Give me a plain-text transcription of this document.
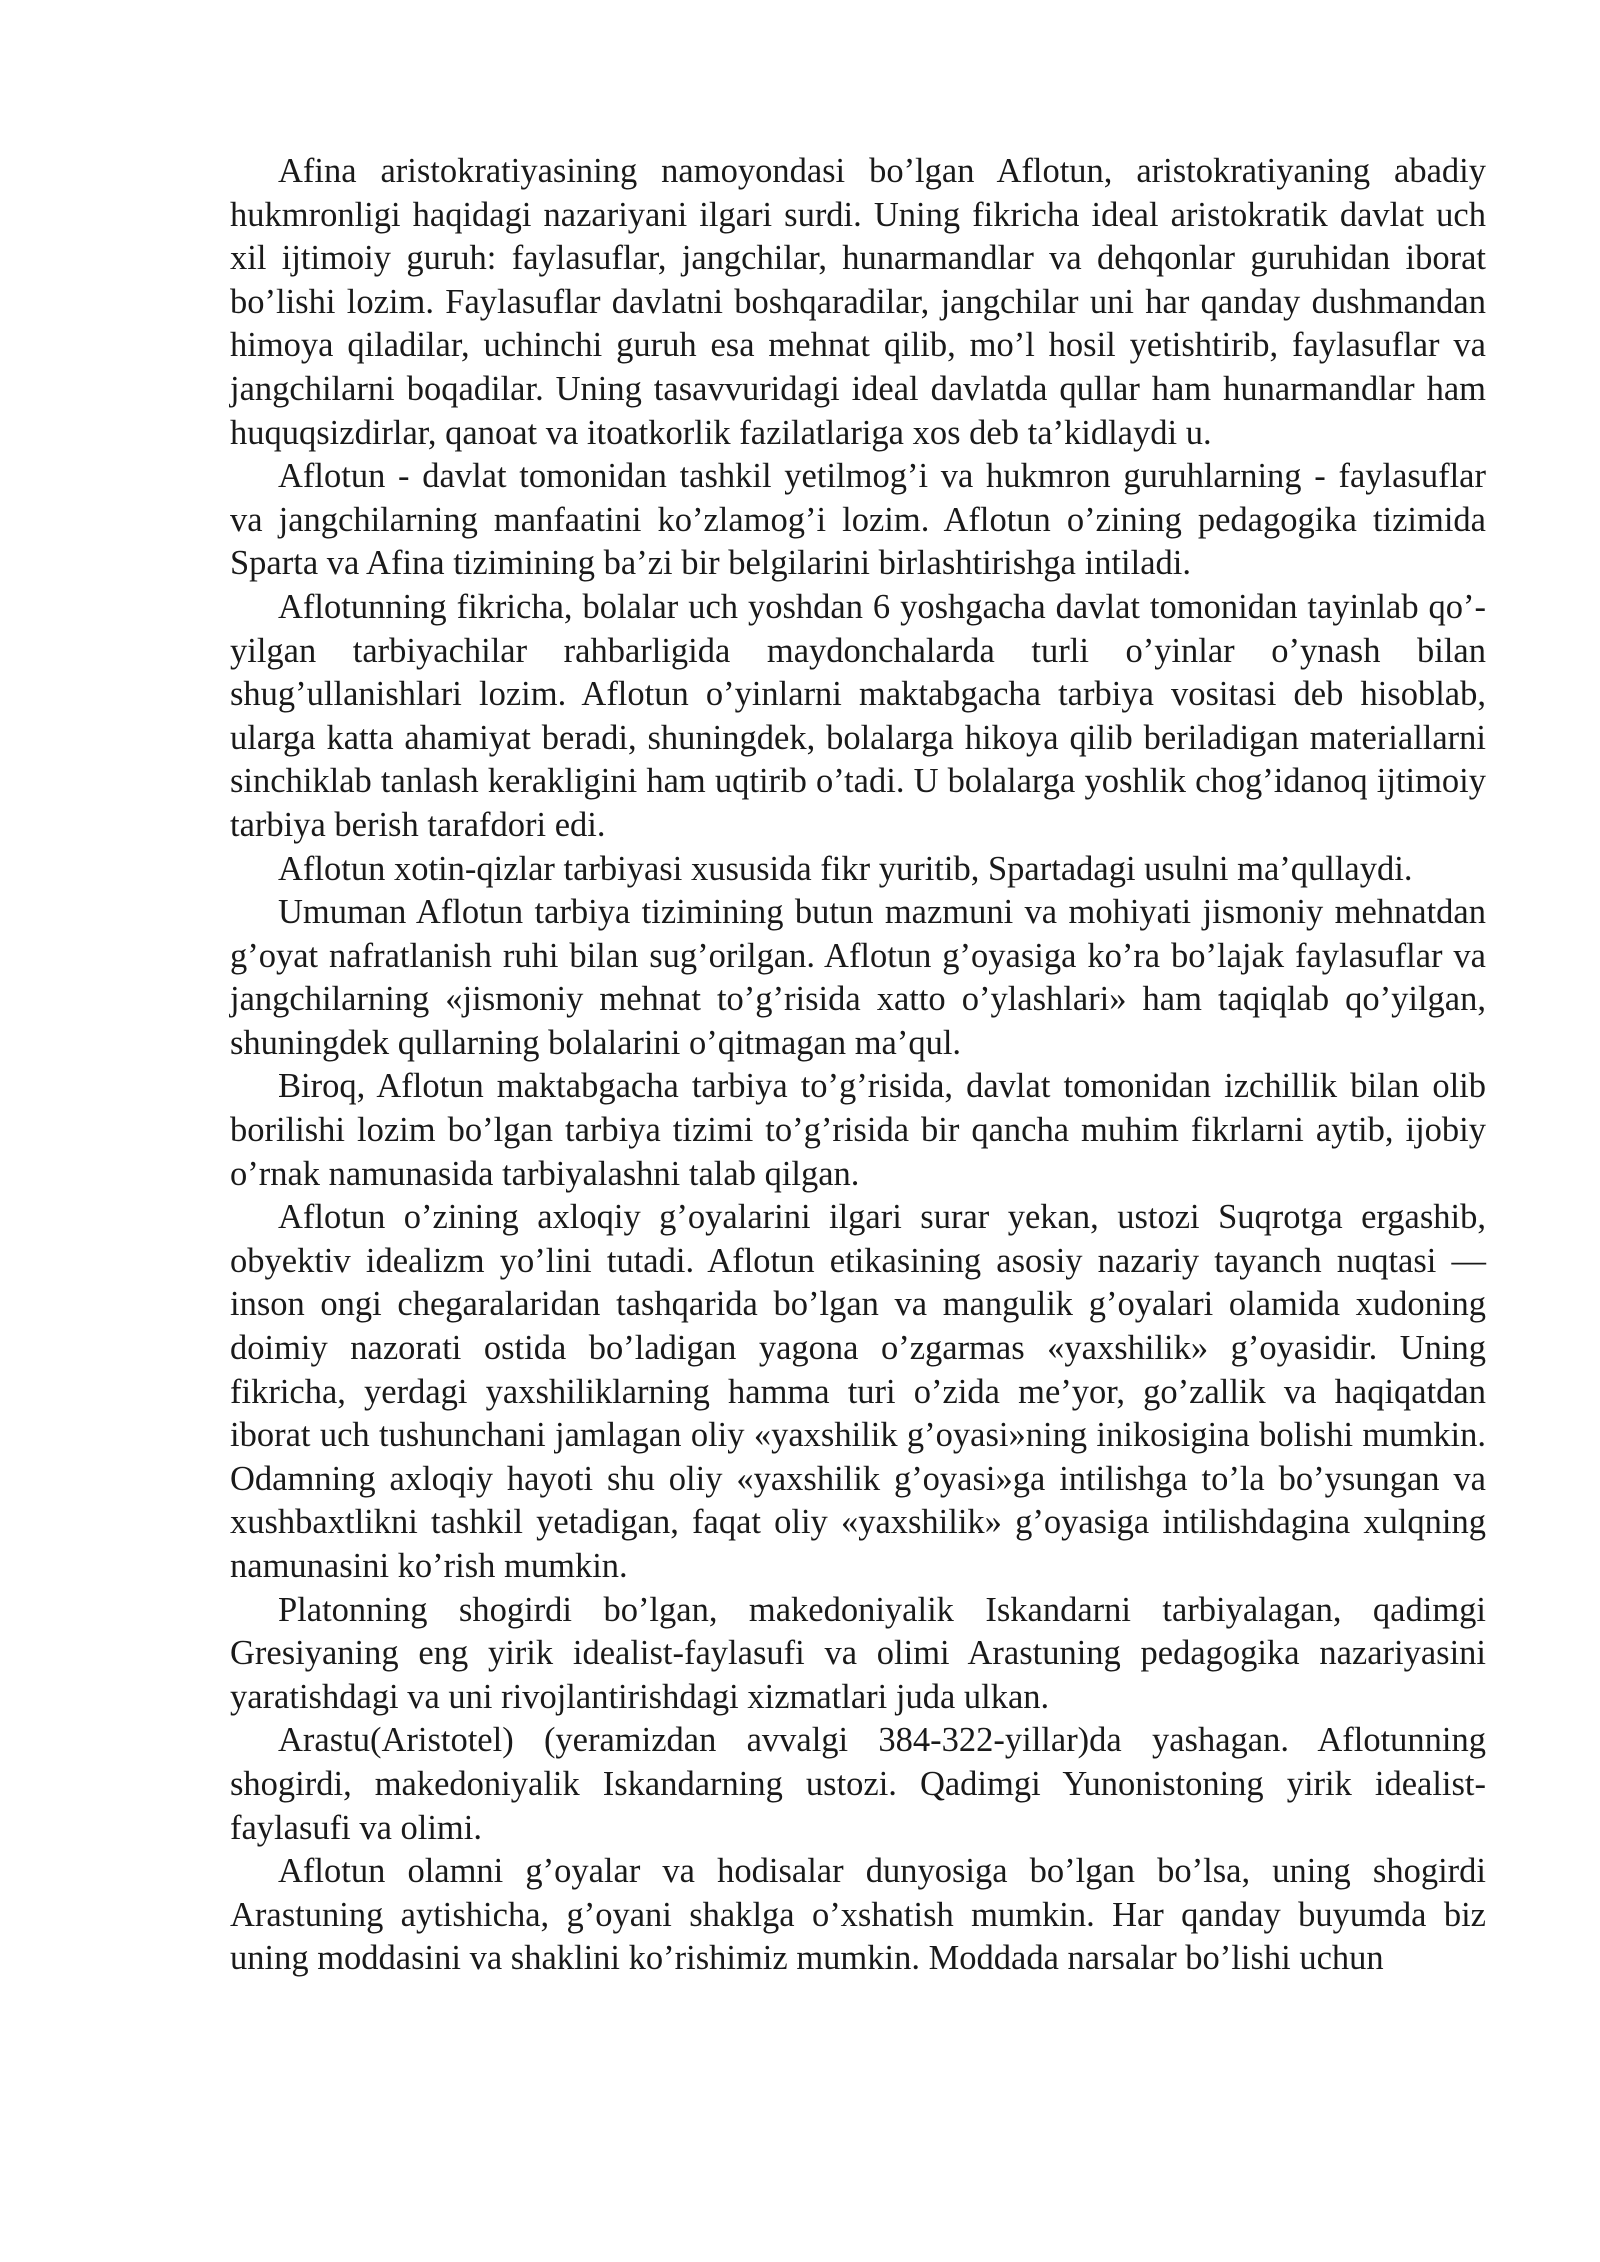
Afina aristokratiyasining namoyondasi bo’lgan Aflotun, aristokratiyaning abadiy hukmronligi haqidagi nazariyani ilgari surdi. Uning fikricha ideal aristokratik davlat uch xil ijtimoiy guruh: faylasuflar, jangchilar, hunarmandlar va dehqonlar guruhidan iborat bo’lishi lozim. Faylasuflar davlatni boshqaradilar, jangchilar uni har qanday dushmandan himoya qiladilar, uchinchi guruh esa mehnat qilib, mo’l hosil yetishtirib, faylasuflar va jangchilarni boqadilar. Uning tasavvuridagi ideal davlatda qullar ham hunarmandlar ham huquqsizdirlar, qanoat va itoatkorlik fazilatlariga xos deb ta’kidlaydi u.

Aflotun - davlat tomonidan tashkil yetilmog’i va hukmron guruhlarning - faylasuflar va jangchilarning manfaatini ko’zlamog’i lozim. Aflotun o’zining pedagogika tizimida Sparta va Afina tizimining ba’zi bir belgilarini birlashtirishga intiladi.

Aflotunning fikricha, bolalar uch yoshdan 6 yoshgacha davlat tomonidan tayinlab qo’-yilgan tarbiyachilar rahbarligida maydonchalarda turli o’yinlar o’ynash bilan shug’ullanishlari lozim. Aflotun o’yinlarni maktabgacha tarbiya vositasi deb hisoblab, ularga katta ahamiyat beradi, shuningdek, bolalarga hikoya qilib beriladigan materiallarni sinchiklab tanlash kerakligini ham uqtirib o’tadi. U bolalarga yoshlik chog’idanoq ijtimoiy tarbiya berish tarafdori edi.

Aflotun xotin-qizlar tarbiyasi xususida fikr yuritib, Spartadagi usulni ma’qullaydi.

Umuman Aflotun tarbiya tizimining butun mazmuni va mohiyati jismoniy mehnatdan g’oyat nafratlanish ruhi bilan sug’orilgan. Aflotun g’oyasiga ko’ra bo’lajak faylasuflar va jangchilarning «jismoniy mehnat to’g’risida xatto o’ylashlari» ham taqiqlab qo’yilgan, shuningdek qullarning bolalarini o’qitmagan ma’qul.

Biroq, Aflotun maktabgacha tarbiya to’g’risida, davlat tomonidan izchillik bilan olib borilishi lozim bo’lgan tarbiya tizimi to’g’risida bir qancha muhim fikrlarni aytib, ijobiy o’rnak namunasida tarbiyalashni talab qilgan.

Aflotun o’zining axloqiy g’oyalarini ilgari surar yekan, ustozi Suqrotga ergashib, obyektiv idealizm yo’lini tutadi. Aflotun etikasining asosiy nazariy tayanch nuqtasi — inson ongi chegaralaridan tashqarida bo’lgan va mangulik g’oyalari olamida xudoning doimiy nazorati ostida bo’ladigan yagona o’zgarmas «yaxshilik» g’oyasidir. Uning fikricha, yerdagi yaxshiliklarning hamma turi o’zida me’yor, go’zallik va haqiqatdan iborat uch tushunchani jamlagan oliy «yaxshilik g’oyasi»ning inikosigina bolishi mumkin. Odamning axloqiy hayoti shu oliy «yaxshilik g’oyasi»ga intilishga to’la bo’ysungan va xushbaxtlikni tashkil yetadigan, faqat oliy «yaxshilik» g’oyasiga intilishdagina xulqning namunasini ko’rish mumkin.

Platonning shogirdi bo’lgan, makedoniyalik Iskandarni tarbiyalagan, qadimgi Gresiyaning eng yirik idealist-faylasufi va olimi Arastuning pedagogika nazariyasini yaratishdagi va uni rivojlantirishdagi xizmatlari juda ulkan.

Arastu(Aristotel) (yeramizdan avvalgi 384-322-yillar)da yashagan. Aflotunning shogirdi, makedoniyalik Iskandarning ustozi. Qadimgi Yunonistoning yirik idealist-faylasufi va olimi.

Aflotun olamni g’oyalar va hodisalar dunyosiga bo’lgan bo’lsa, uning shogirdi Arastuning aytishicha, g’oyani shaklga o’xshatish mumkin. Har qanday buyumda biz uning moddasini va shaklini ko’rishimiz mumkin. Moddada narsalar bo’lishi uchun
